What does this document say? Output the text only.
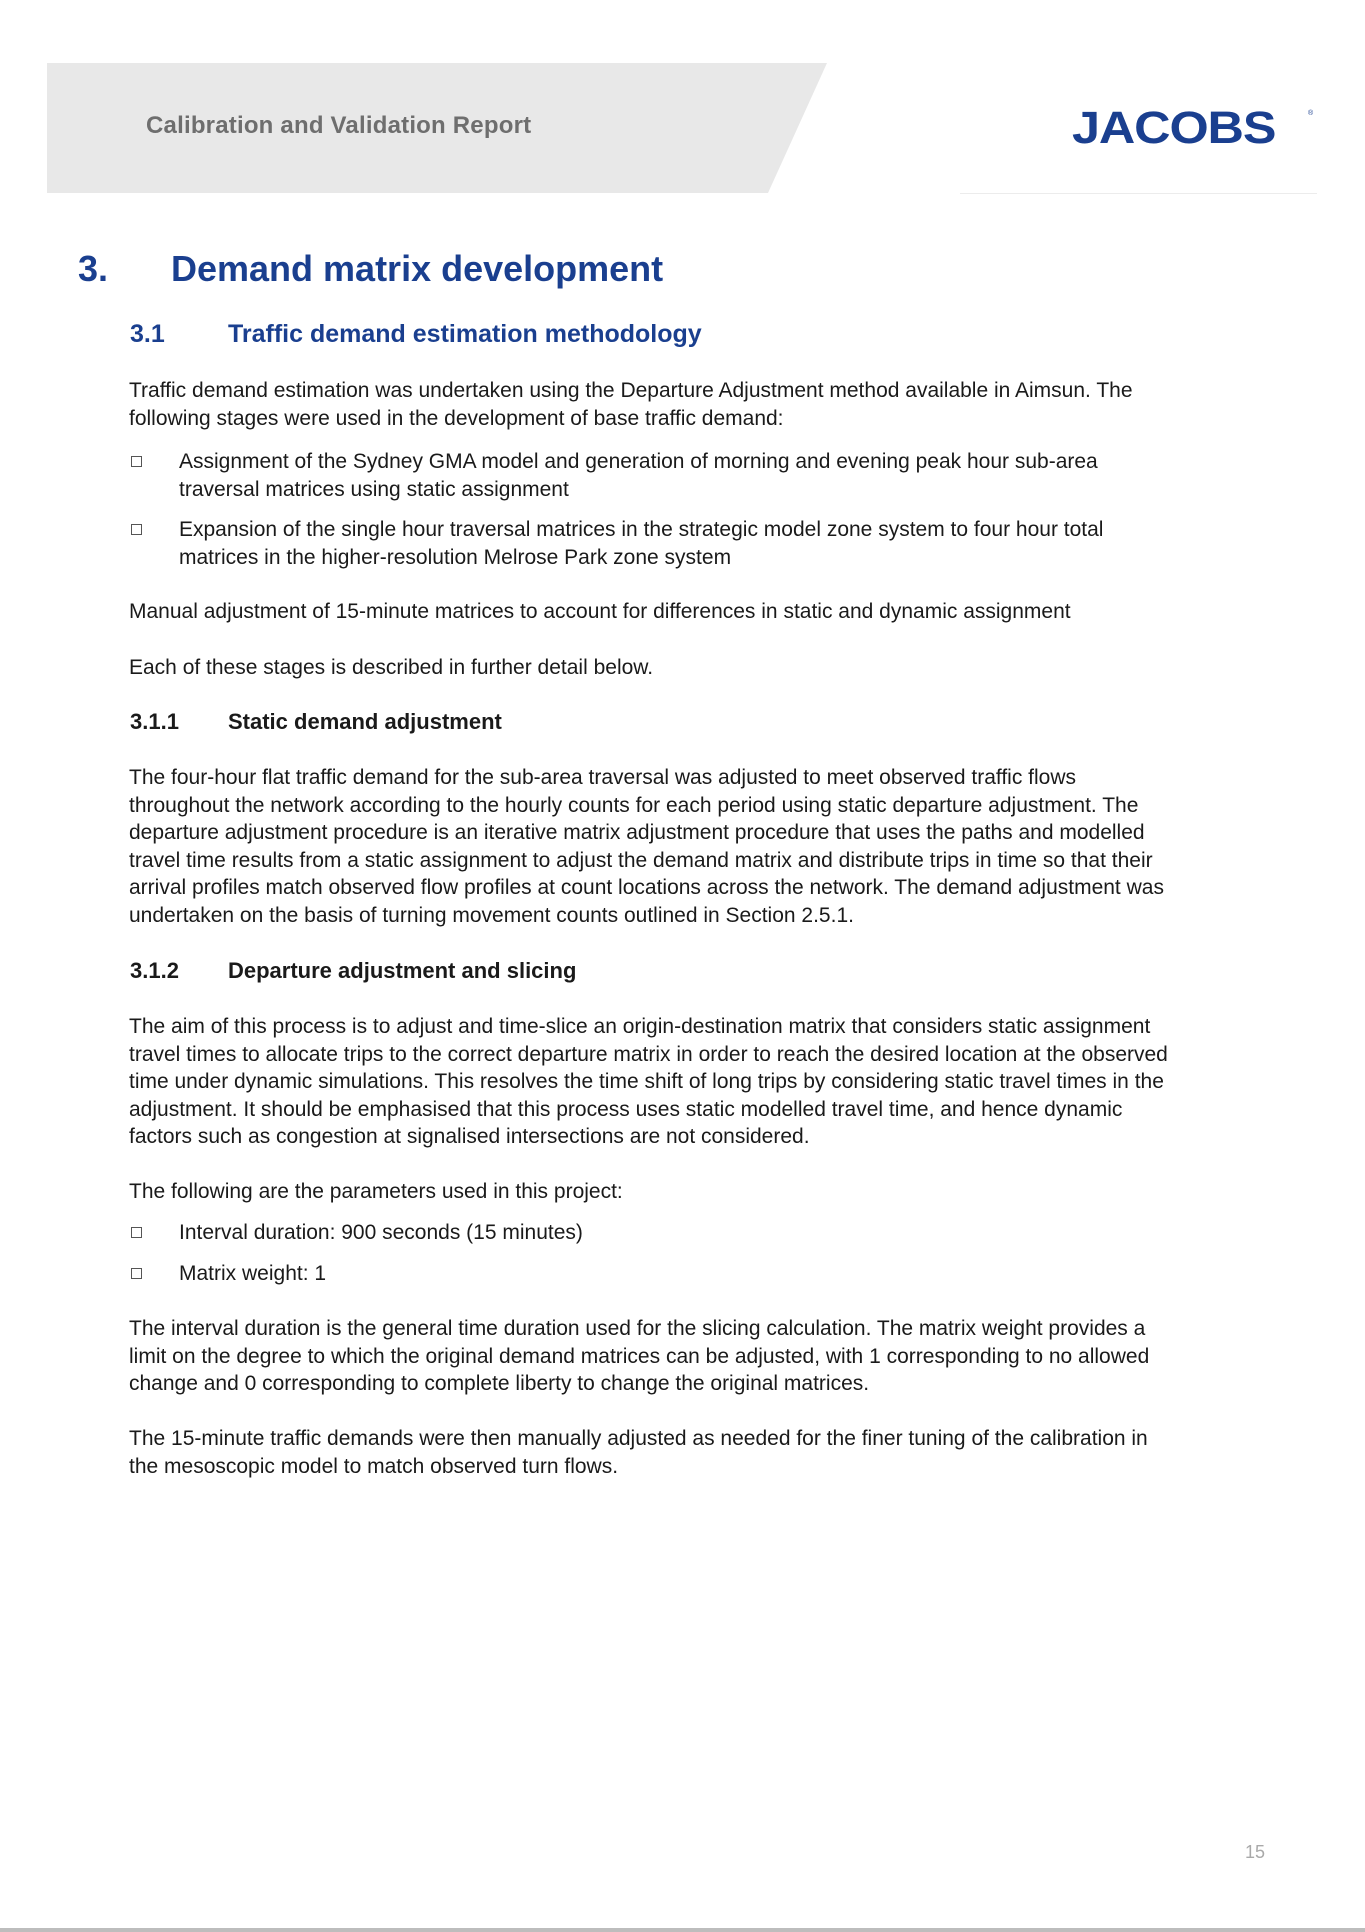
Calibration and Validation Report	JACOBS	®
3. Demand matrix development
3.1	Traffic demand estimation methodology

Traffic demand estimation was undertaken using the Departure Adjustment method available in Aimsun. The

following stages were used in the development of base traffic demand:

Assignment of the Sydney GMA model and generation of morning and evening peak hour sub-area
traversal matrices using static assignment
Expansion of the single hour traversal matrices in the strategic model zone system to four hour total
matrices in the higher-resolution Melrose Park zone system

Manual adjustment of 15-minute matrices to account for differences in static and dynamic assignment

Each of these stages is described in further detail below.

3.1.1 Static demand adjustment

The four-hour flat traffic demand for the sub-area traversal was adjusted to meet observed traffic flows

throughout the network according to the hourly counts for each period using static departure adjustment. The

departure adjustment procedure is an iterative matrix adjustment procedure that uses the paths and modelled

travel time results from a static assignment to adjust the demand matrix and distribute trips in time so that their

arrival profiles match observed flow profiles at count locations across the network. The demand adjustment was

undertaken on the basis of turning movement counts outlined in Section 2.5.1.

3.1.2 Departure adjustment and slicing

The aim of this process is to adjust and time-slice an origin-destination matrix that considers static assignment

travel times to allocate trips to the correct departure matrix in order to reach the desired location at the observed

time under dynamic simulations. This resolves the time shift of long trips by considering static travel times in the

adjustment. It should be emphasised that this process uses static modelled travel time, and hence dynamic

factors such as congestion at signalised intersections are not considered.

The following are the parameters used in this project:

Interval duration: 900 seconds (15 minutes)
Matrix weight: 1

The interval duration is the general time duration used for the slicing calculation. The matrix weight provides a

limit on the degree to which the original demand matrices can be adjusted, with 1 corresponding to no allowed

change and 0 corresponding to complete liberty to change the original matrices.

The 15-minute traffic demands were then manually adjusted as needed for the finer tuning of the calibration in

the mesoscopic model to match observed turn flows.

15
